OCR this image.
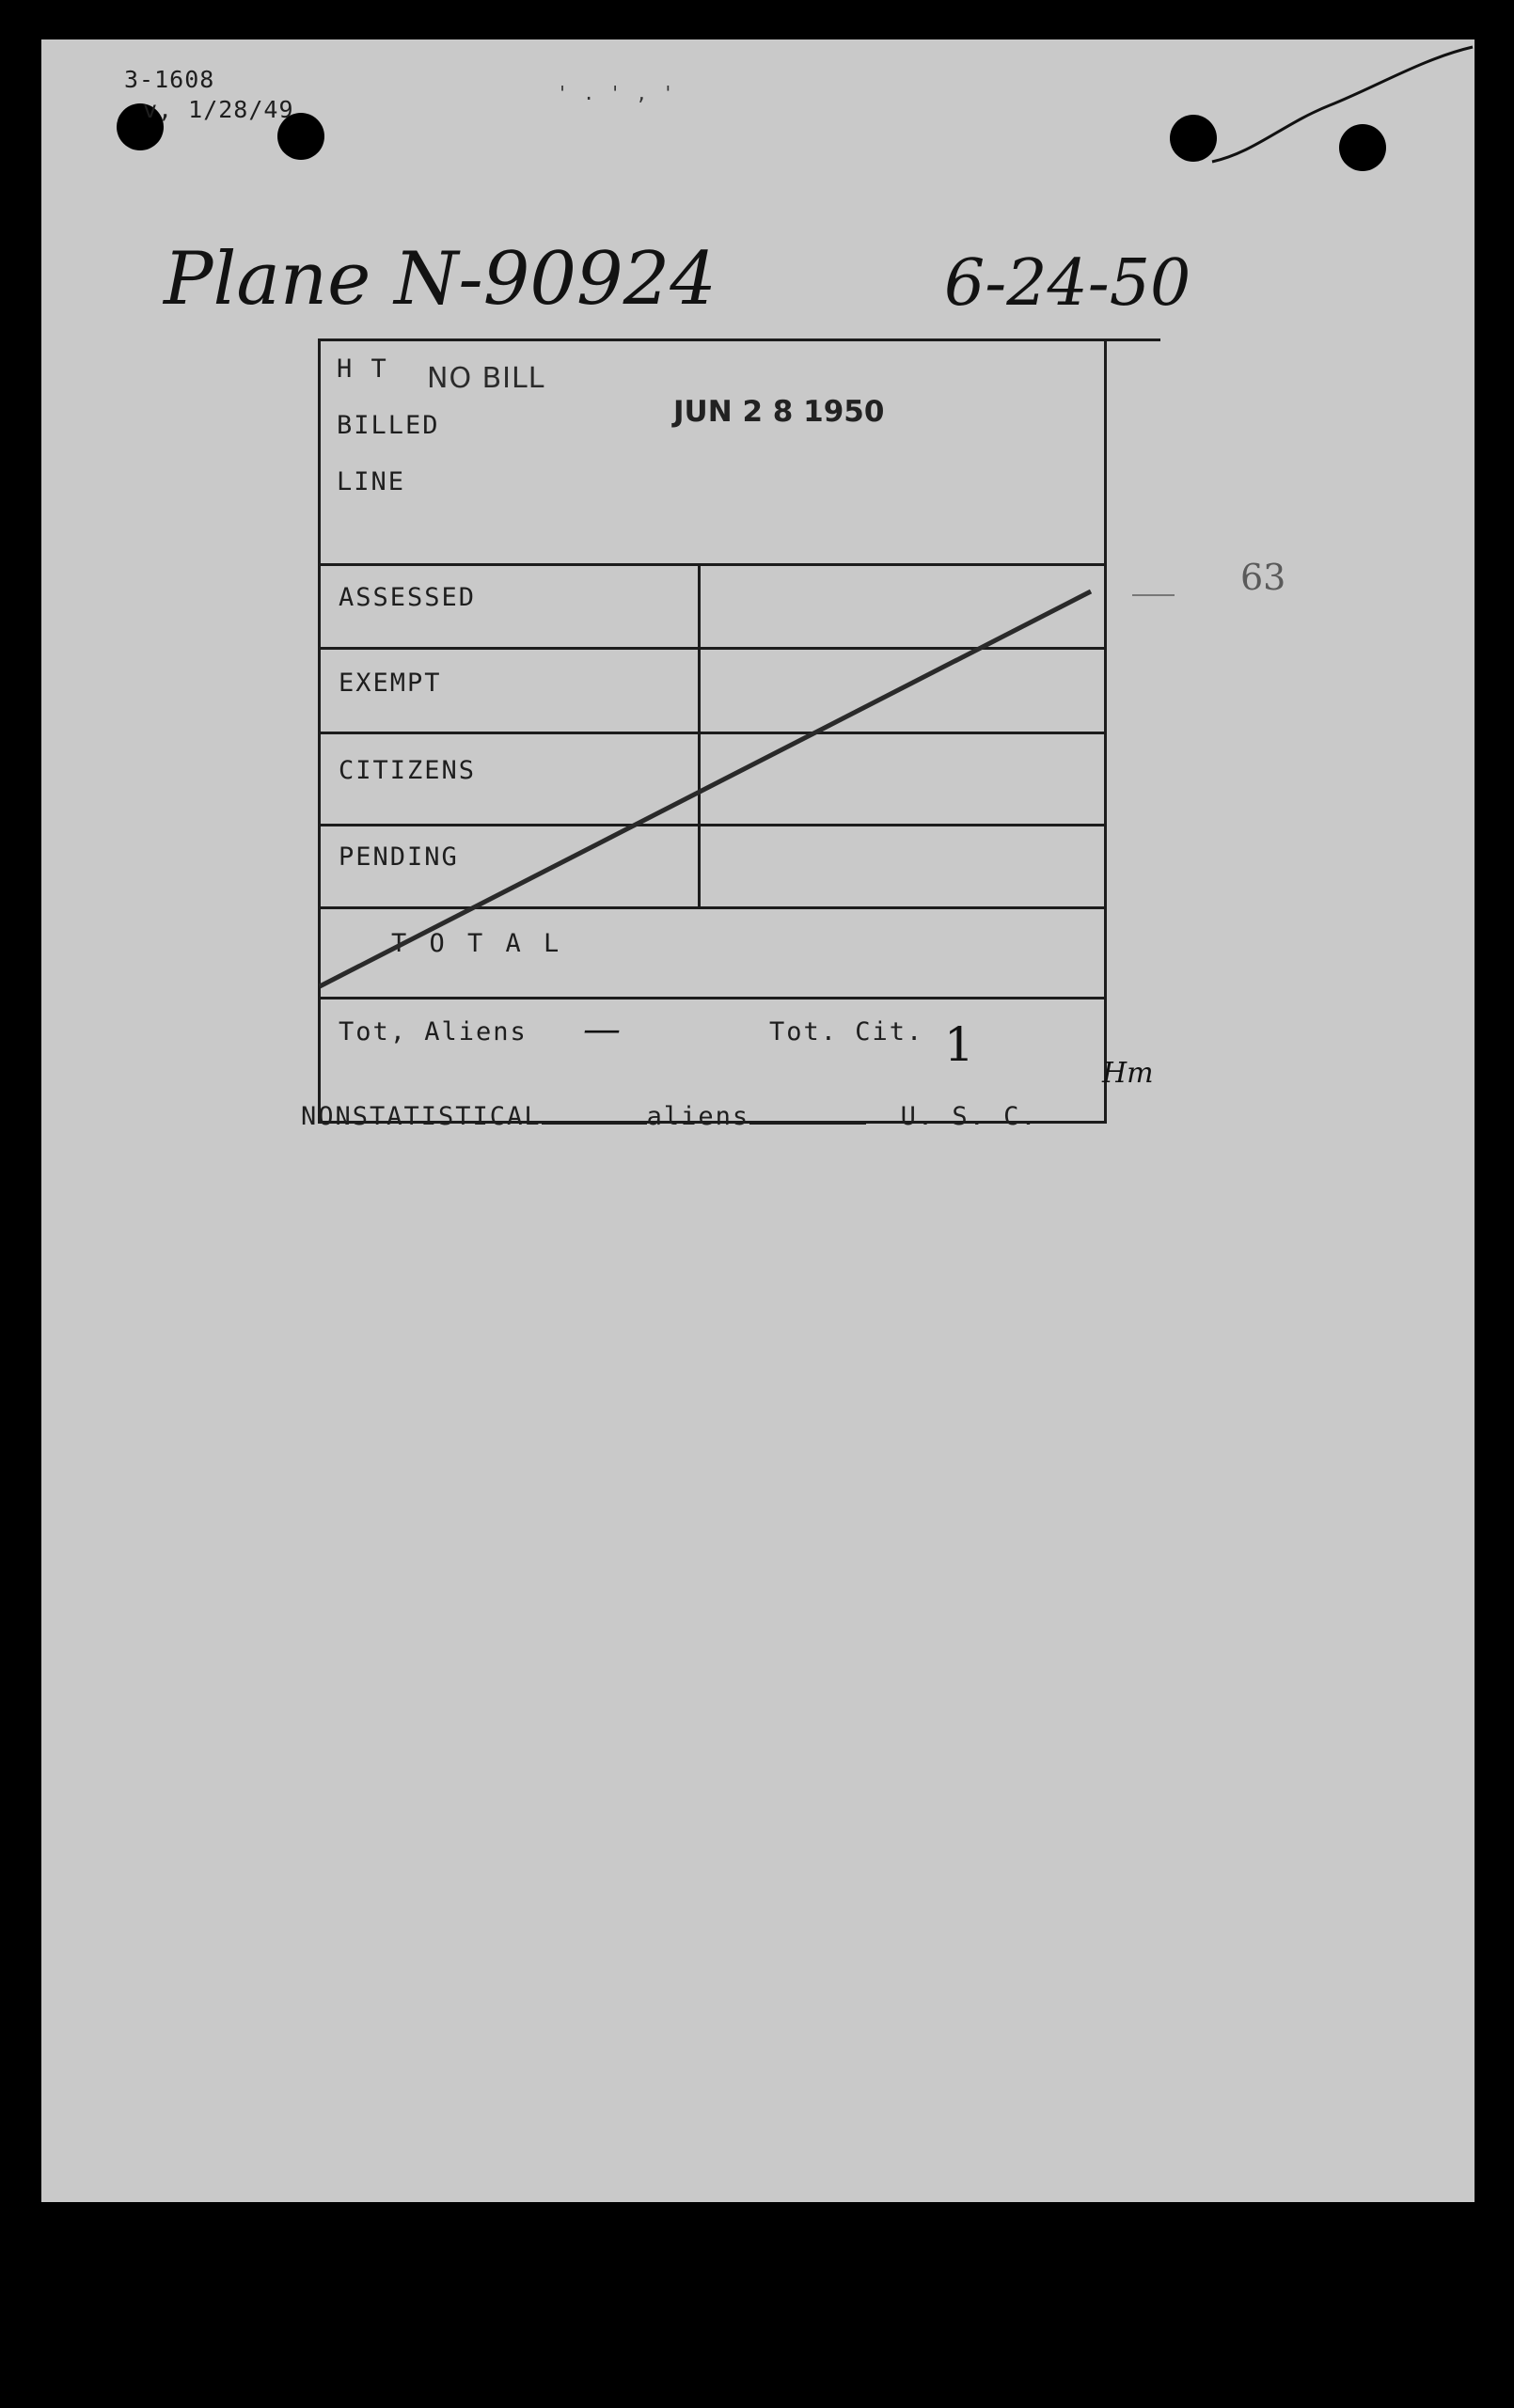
3-1608
v, 1/28/49
' . ' , '
Plane N-90924	6-24-50
H T
BILLED
LINE
NO BILL
JUN 2 8 1950
63
ASSESSED
EXEMPT
CITIZENS
PENDING
T O T A L
Tot, Aliens —	Tot. Cit. 1
Hm
NONSTATISTICAL	aliens	U. S. C.
